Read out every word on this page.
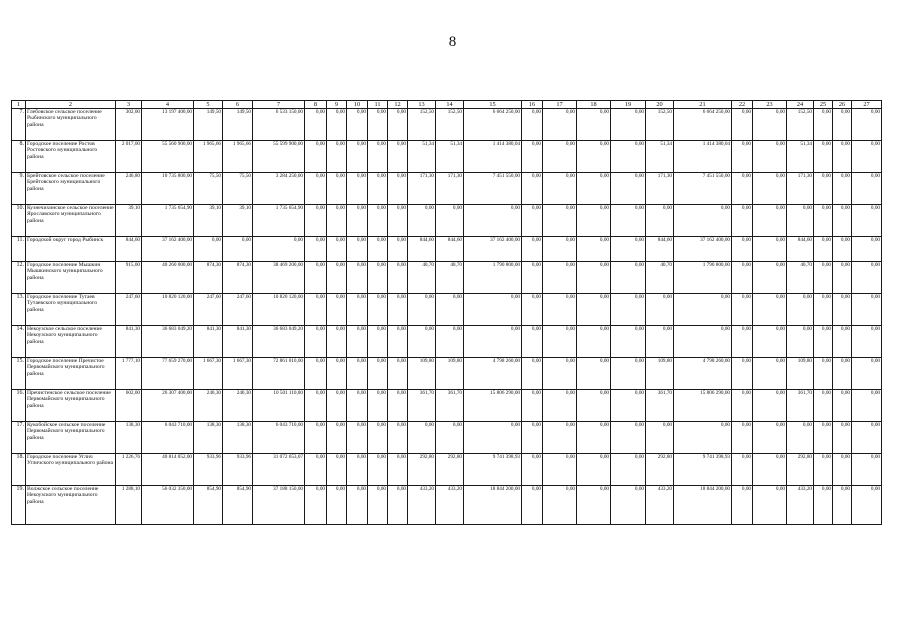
8
1	2	3	4	5	6	7	8	9	10	11	12	13	14	15	16	17	18	19	20	21	22	23	24	25	26	27
7.	Глебовское сельское поселение Рыбинского муниципального района	302,00	13 197 400,00	149,50	149,50	6 533 150,00	0,00	0,00	0,00	0,00	0,00	152,50	152,50	6 664 250,00	0,00	0,00	0,00	0,00	152,50	6 664 250,00	0,00	0,00	152,50	0,00	0,00	0,00
8.	Городское поселение Ростов Ростовского муниципального района	2 017,00	55 560 900,00	1 965,66	1 965,66	55 599 900,00	0,00	0,00	0,00	0,00	0,00	51,34	51,34	1 414 380,04	0,00	0,00	0,00	0,00	51,34	1 414 380,04	0,00	0,00	51,34	0,00	0,00	0,00
9.	Брейтовское сельское поселение Брейтовского муниципального района	246,80	10 735 800,00	75,50	75,50	3 284 250,00	0,00	0,00	0,00	0,00	0,00	171,30	171,30	7 451 550,00	0,00	0,00	0,00	0,00	171,30	7 451 550,00	0,00	0,00	171,30	0,00	0,00	0,00
10.	Кузнечихинское сельское поселение Ярославского муниципального района	39,10	1 735 654,90	39,10	39,10	1 735 654,90	0,00	0,00	0,00	0,00	0,00	0,00	0,00	0,00	0,00	0,00	0,00	0,00	0,00	0,00	0,00	0,00	0,00	0,00	0,00	0,00
11.	Городской округ город Рыбинск	844,60	37 162 400,00	0,00	0,00	0,00	0,00	0,00	0,00	0,00	0,00	844,60	844,60	37 162 400,00	0,00	0,00	0,00	0,00	844,60	37 162 400,00	0,00	0,00	844,60	0,00	0,00	0,00
12.	Городское поселение Мышкин Мышкинского муниципального района	915,00	40 260 000,00	874,30	874,30	38 469 200,00	0,00	0,00	0,00	0,00	0,00	40,70	40,70	1 790 800,00	0,00	0,00	0,00	0,00	40,70	1 790 800,00	0,00	0,00	40,70	0,00	0,00	0,00
13.	Городское поселение Тутаев Тутаевского муниципального района	247,60	10 820 120,00	247,60	247,60	10 820 120,00	0,00	0,00	0,00	0,00	0,00	0,00	0,00	0,00	0,00	0,00	0,00	0,00	0,00	0,00	0,00	0,00	0,00	0,00	0,00	0,00
14.	Некоузское сельское поселение Некоузского муниципального района	841,30	36 683 049,20	841,30	841,30	36 683 049,20	0,00	0,00	0,00	0,00	0,00	0,00	0,00	0,00	0,00	0,00	0,00	0,00	0,00	0,00	0,00	0,00	0,00	0,00	0,00	0,00
15.	Городское поселение Пречистое Первомайского муниципального района	1 777,10	77 659 270,00	1 667,30	1 667,30	72 861 010,00	0,00	0,00	0,00	0,00	0,00	109,80	109,80	4 798 260,00	0,00	0,00	0,00	0,00	109,80	4 798 260,00	0,00	0,00	109,80	0,00	0,00	0,00
16.	Пречистенское сельское поселение Первомайского муниципального района	602,00	26 307 400,00	240,30	240,30	10 501 110,00	0,00	0,00	0,00	0,00	0,00	361,70	361,70	15 806 290,00	0,00	0,00	0,00	0,00	361,70	15 806 290,00	0,00	0,00	361,70	0,00	0,00	0,00
17.	Кукобойское сельское поселение Первомайского муниципального района	138,30	6 043 710,00	138,30	138,30	6 043 710,00	0,00	0,00	0,00	0,00	0,00	0,00	0,00	0,00	0,00	0,00	0,00	0,00	0,00	0,00	0,00	0,00	0,00	0,00	0,00	0,00
18.	Городское поселение Углич Угличского муниципального района	1 226,76	40 814 052,00	933,96	933,96	31 072 653,07	0,00	0,00	0,00	0,00	0,00	292,80	292,80	9 741 398,93	0,00	0,00	0,00	0,00	292,80	9 741 398,93	0,00	0,00	292,80	0,00	0,00	0,00
19.	Волжское сельское поселение Некоузского муниципального района	1 288,10	56 032 350,00	854,90	854,90	37 188 150,00	0,00	0,00	0,00	0,00	0,00	433,20	433,20	18 844 200,00	0,00	0,00	0,00	0,00	433,20	18 844 200,00	0,00	0,00	433,20	0,00	0,00	0,00
